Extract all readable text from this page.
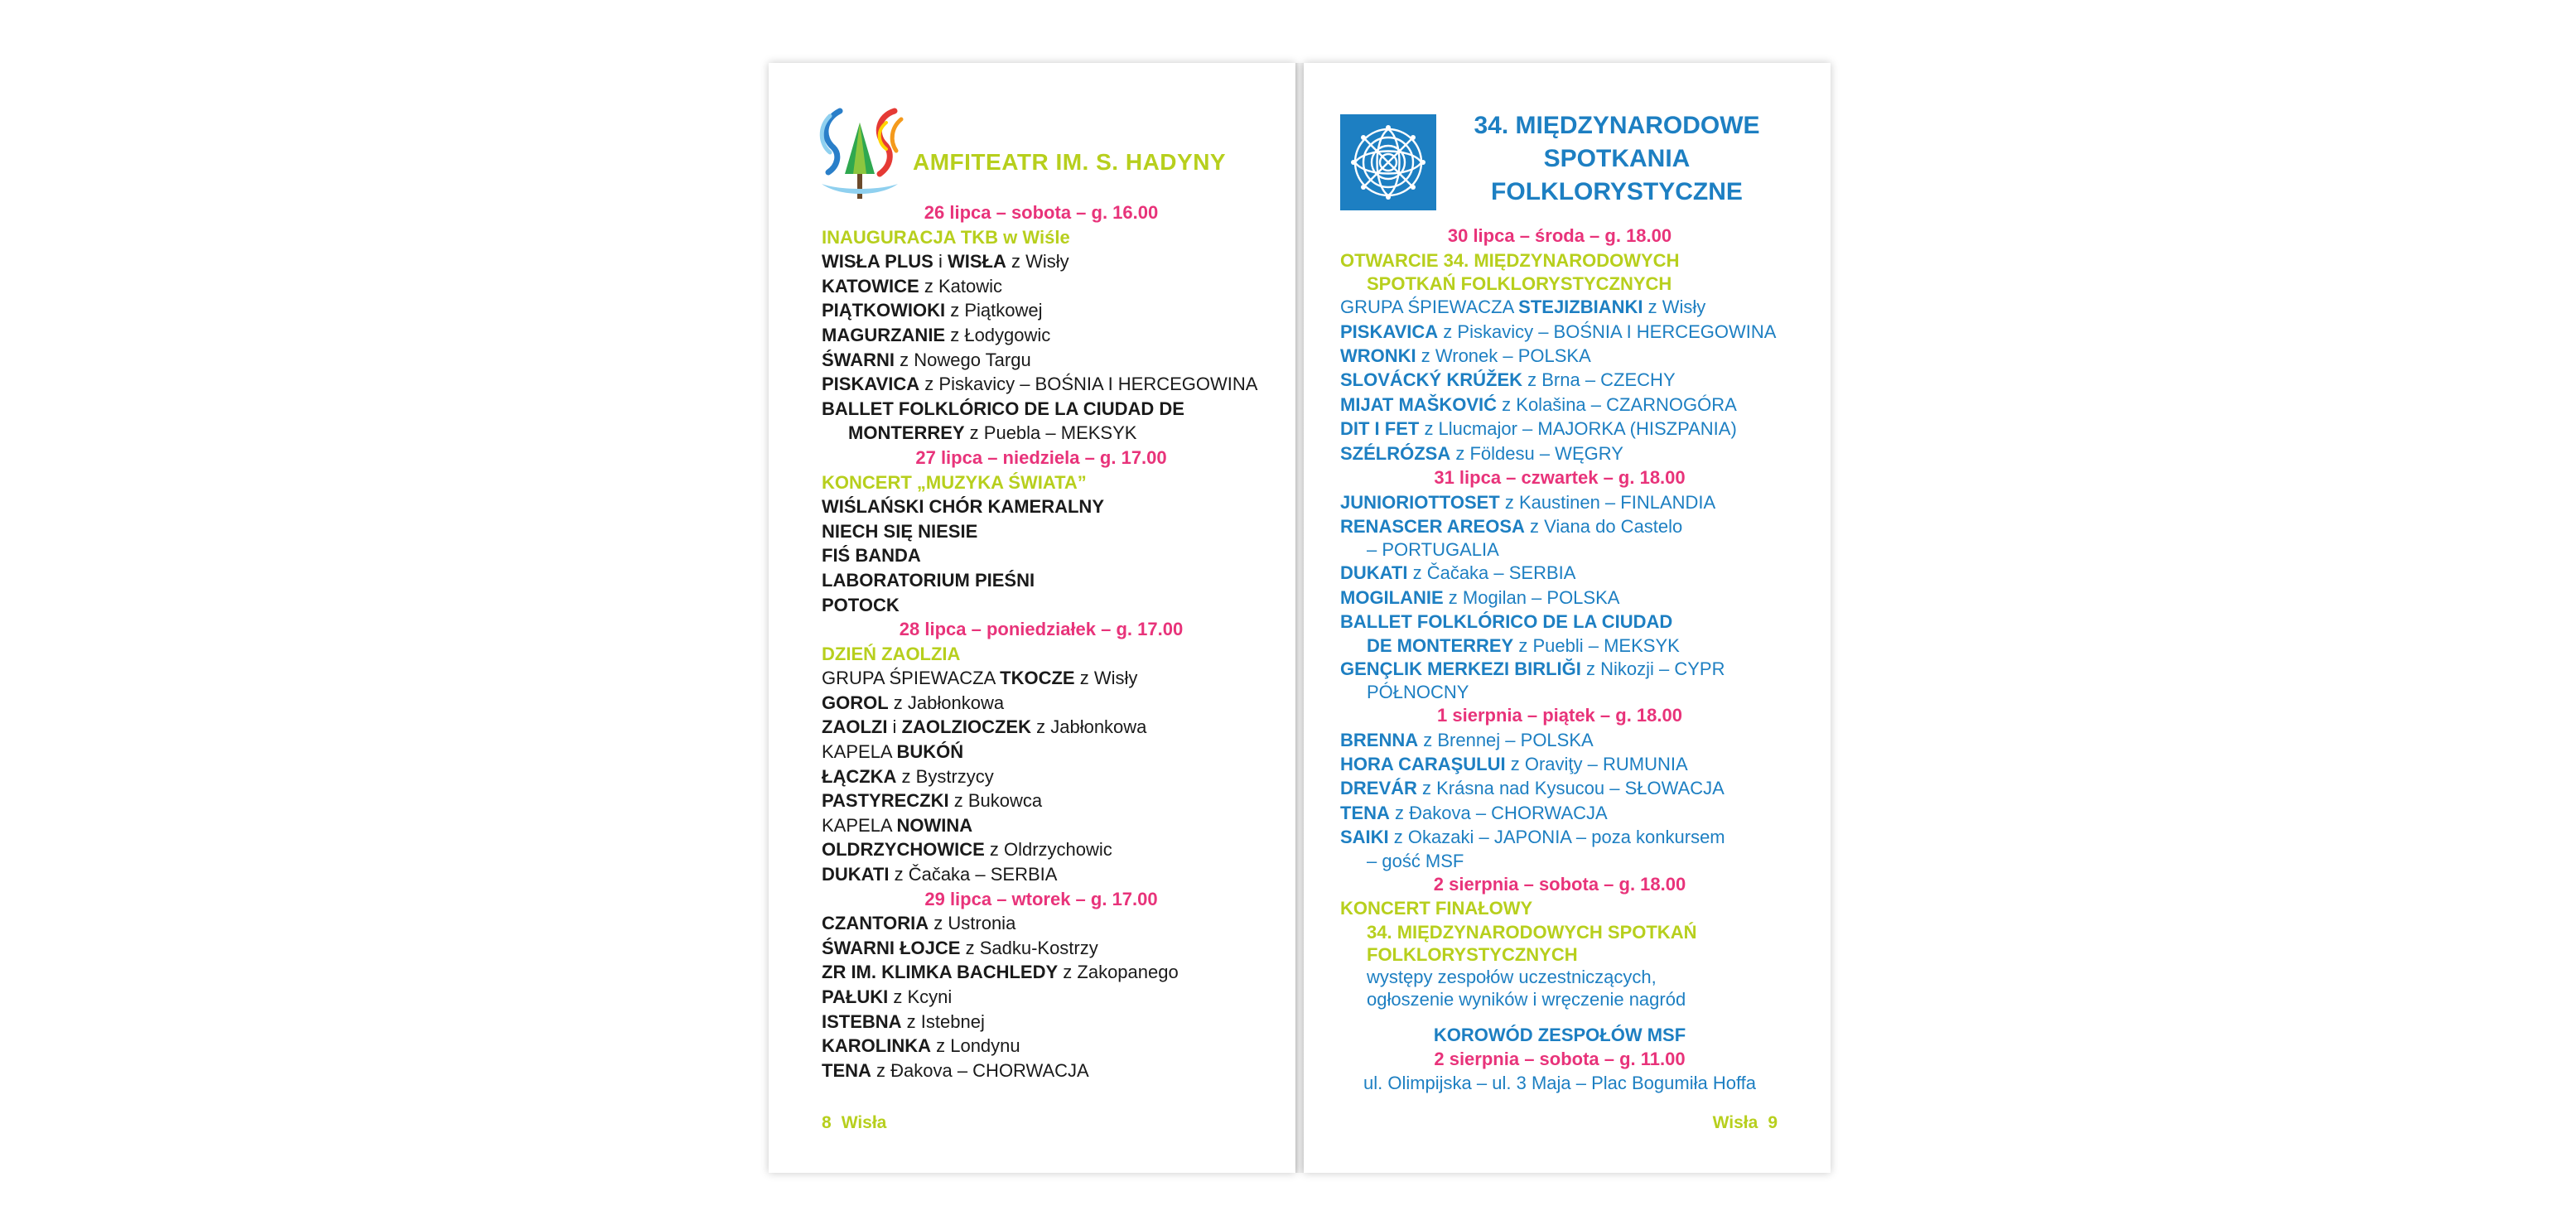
AMFITEATR IM. S. HADYNY
26 lipca – sobota – g. 16.00
INAUGURACJA TKB w Wiśle
WISŁA PLUS i WISŁA z Wisły
KATOWICE z Katowic
PIĄTKOWIOKI z Piątkowej
MAGURZANIE z Łodygowic
ŚWARNI z Nowego Targu
PISKAVICA z Piskavicy – BOŚNIA I HERCEGOWINA
BALLET FOLKLÓRICO DE LA CIUDAD DE
MONTERREY z Puebla – MEKSYK
27 lipca – niedziela – g. 17.00
KONCERT „MUZYKA ŚWIATA”
WIŚLAŃSKI CHÓR KAMERALNY
NIECH SIĘ NIESIE
FIŚ BANDA
LABORATORIUM PIEŚNI
POTOCK
28 lipca – poniedziałek – g. 17.00
DZIEŃ ZAOLZIA
GRUPA ŚPIEWACZA TKOCZE z Wisły
GOROL z Jabłonkowa
ZAOLZI i ZAOLZIOCZEK z Jabłonkowa
KAPELA BUKÓŃ
ŁĄCZKA z Bystrzycy
PASTYRECZKI z Bukowca
KAPELA NOWINA
OLDRZYCHOWICE z Oldrzychowic
DUKATI z Čačaka – SERBIA
29 lipca – wtorek – g. 17.00
CZANTORIA z Ustronia
ŚWARNI ŁOJCE z Sadku-Kostrzy
ZR IM. KLIMKA BACHLEDY z Zakopanego
PAŁUKI z Kcyni
ISTEBNA z Istebnej
KAROLINKA z Londynu
TENA z Đakova – CHORWACJA
8 Wisła
34. MIĘDZYNARODOWE
SPOTKANIA
FOLKLORYSTYCZNE
30 lipca – środa – g. 18.00
OTWARCIE 34. MIĘDZYNARODOWYCH
SPOTKAŃ FOLKLORYSTYCZNYCH
GRUPA ŚPIEWACZA STEJIZBIANKI z Wisły
PISKAVICA z Piskavicy – BOŚNIA I HERCEGOWINA
WRONKI z Wronek – POLSKA
SLOVÁCKÝ KRÚŽEK z Brna – CZECHY
MIJAT MAŠKOVIĆ z Kolašina – CZARNOGÓRA
DIT I FET z Llucmajor – MAJORKA (HISZPANIA)
SZÉLRÓZSA z Földesu – WĘGRY
31 lipca – czwartek – g. 18.00
JUNIORIOTTOSET z Kaustinen – FINLANDIA
RENASCER AREOSA z Viana do Castelo
– PORTUGALIA
DUKATI z Čačaka – SERBIA
MOGILANIE z Mogilan – POLSKA
BALLET FOLKLÓRICO DE LA CIUDAD
DE MONTERREY z Puebli – MEKSYK
GENÇLIK MERKEZI BIRLIĞI z Nikozji – CYPR
PÓŁNOCNY
1 sierpnia – piątek – g. 18.00
BRENNA z Brennej – POLSKA
HORA CARAŞULUI z Oraviţy – RUMUNIA
DREVÁR z Krásna nad Kysucou – SŁOWACJA
TENA z Đakova – CHORWACJA
SAIKI z Okazaki – JAPONIA – poza konkursem
– gość MSF
2 sierpnia – sobota – g. 18.00
KONCERT FINAŁOWY
34. MIĘDZYNARODOWYCH SPOTKAŃ
FOLKLORYSTYCZNYCH
występy zespołów uczestniczących,
ogłoszenie wyników i wręczenie nagród
KOROWÓD ZESPOŁÓW MSF
2 sierpnia – sobota – g. 11.00
ul. Olimpijska – ul. 3 Maja – Plac Bogumiła Hoffa
Wisła 9
